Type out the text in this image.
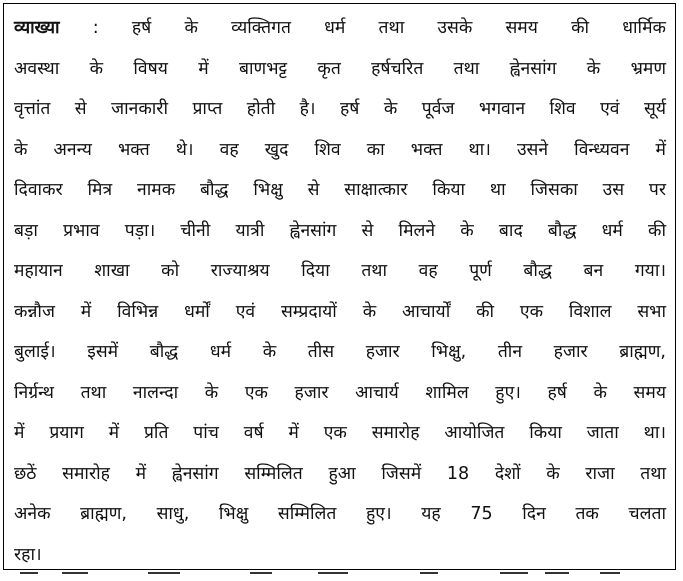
व्याख्या : हर्ष के व्यक्तिगत धर्म तथा उसके समय की धार्मिक
अवस्था के विषय में बाणभट्ट कृत हर्षचरित तथा ह्वेनसांग के भ्रमण
वृत्तांत से जानकारी प्राप्त होती है। हर्ष के पूर्वज भगवान शिव एवं सूर्य
के अनन्य भक्त थे। वह खुद शिव का भक्त था। उसने विन्ध्यवन में
दिवाकर मित्र नामक बौद्ध भिक्षु से साक्षात्कार किया था जिसका उस पर
बड़ा प्रभाव पड़ा। चीनी यात्री ह्वेनसांग से मिलने के बाद बौद्ध धर्म की
महायान शाखा को राज्याश्रय दिया तथा वह पूर्ण बौद्ध बन गया।
कन्नौज में विभिन्न धर्मों एवं सम्प्रदायों के आचार्यों की एक विशाल सभा
बुलाई। इसमें बौद्ध धर्म के तीस हजार भिक्षु, तीन हजार ब्राह्मण,
निर्ग्रन्थ तथा नालन्दा के एक हजार आचार्य शामिल हुए। हर्ष के समय
में प्रयाग में प्रति पांच वर्ष में एक समारोह आयोजित किया जाता था।
छठें समारोह में ह्वेनसांग सम्मिलित हुआ जिसमें 18 देशों के राजा तथा
अनेक ब्राह्मण, साधु, भिक्षु सम्मिलित हुए। यह 75 दिन तक चलता
रहा।
